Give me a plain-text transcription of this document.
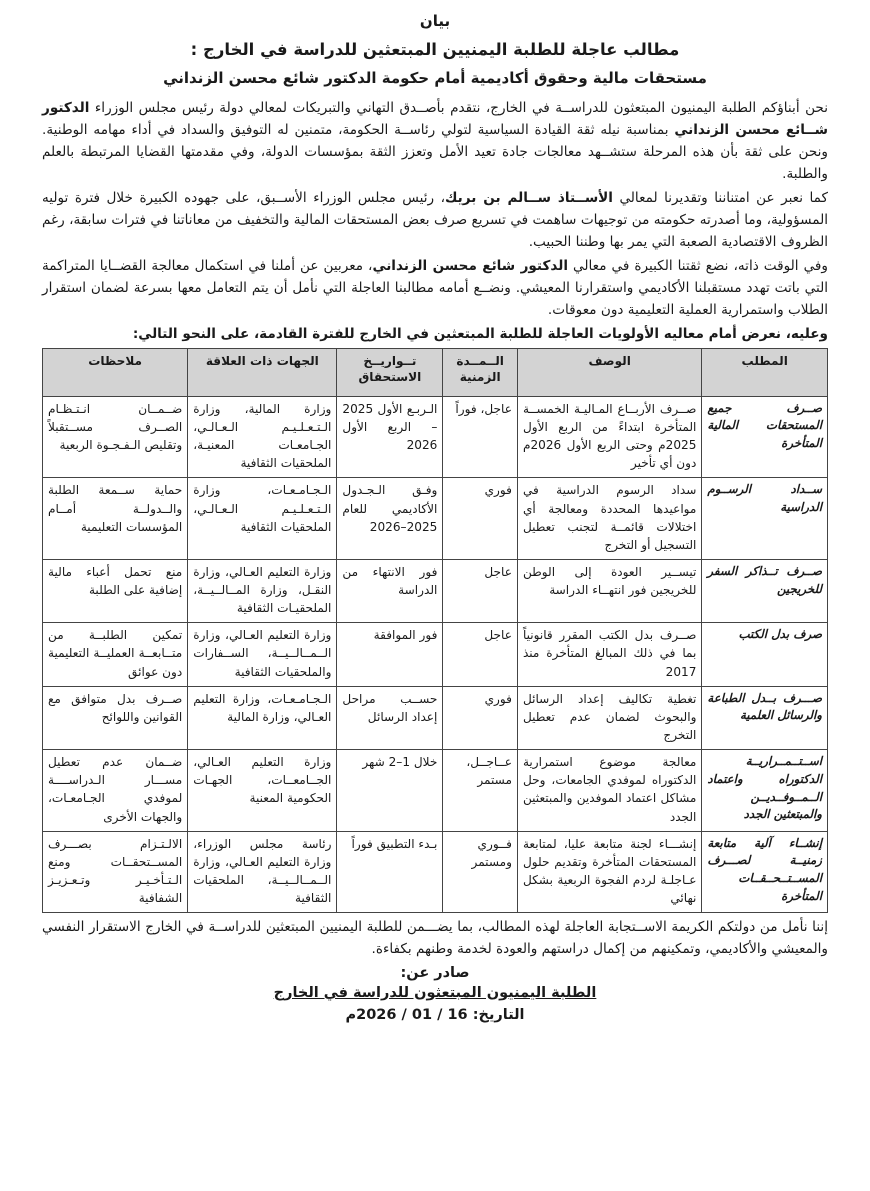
بيان
مطالب عاجلة للطلبة اليمنيين المبتعثين للدراسة في الخارج :
مستحقات مالية وحقوق أكاديمية أمام حكومة الدكتور شائع محسن الزنداني

نحن أبناؤكم الطلبة اليمنيون المبتعثون للدراســة في الخارج، نتقدم بأصــدق التهاني والتبريكات لمعالي دولة رئيس مجلس الوزراء الدكتور شــائع محسن الزنداني بمناسبة نيله ثقة القيادة السياسية لتولي رئاســة الحكومة، متمنين له التوفيق والسداد في أداء مهامه الوطنية. ونحن على ثقة بأن هذه المرحلة ستشــهد معالجات جادة تعيد الأمل وتعزز الثقة بمؤسسات الدولة، وفي مقدمتها القضايا المرتبطة بالعلم والطلبة.

كما نعبر عن امتناننا وتقديرنا لمعالي الأســتاذ ســالم بن بريك، رئيس مجلس الوزراء الأســبق، على جهوده الكبيرة خلال فترة توليه المسؤولية، وما أصدرته حكومته من توجيهات ساهمت في تسريع صرف بعض المستحقات المالية والتخفيف من معاناتنا في فترات سابقة، رغم الظروف الاقتصادية الصعبة التي يمر بها وطننا الحبيب.

وفي الوقت ذاته، نضع ثقتنا الكبيرة في معالي الدكتور شائع محسن الزنداني، معربين عن أملنا في استكمال معالجة القضــايا المتراكمة التي باتت تهدد مستقبلنا الأكاديمي واستقرارنا المعيشي. ونضــع أمامه مطالبنا العاجلة التي نأمل أن يتم التعامل معها بسرعة لضمان استقرار الطلاب واستمرارية العملية التعليمية دون معوقات.

وعليه، نعرض أمام معاليه الأولويات العاجلة للطلبة المبتعثين في الخارج للفترة القادمة، على النحو التالي:

المطلب	الوصف	الــمــدة الزمنية	تــواريــخ الاستحقاق	الجهات ذات العلاقة	ملاحظات
صــرف جميع المستحقات المالية المتأخرة	صــرف الأربــاع المـاليـة الخمســة المتأخرة ابتداءً من الربع الأول 2025م وحتى الربع الأول 2026م دون أي تأخير	عاجل، فوراً	الـربـع الأول 2025 – الربع الأول 2026	وزارة المالية، وزارة الـتـعـلـيـم الـعـالـي، الجـامعـات المعنيـة، الملحقيات الثقافية	ضــمــان انـتـظـام الصــرف مســتقبلاً وتقليص الـفـجـوة الربعية
ســداد الرســوم الدراسية	سداد الرسوم الدراسية في مواعيدها المحددة ومعالجة أي اختلالات قائمــة لتجنب تعطيل التسجيل أو التخرج	فوري	وفـق الـجـدول الأكاديمي للعام 2025–2026	الـجـامـعـات، وزارة الـتـعـلـيـم الـعـالـي، الملحقيات الثقافية	حماية ســمعة الطلبة والــدولــة أمــام المؤسسات التعليمية
صــرف تــذاكر السفر للخريجين	تيســير العودة إلى الوطن للخريجين فور انتهــاء الدراسة	عاجل	فور الانتهاء من الدراسة	وزارة التعليم العـالي، وزارة النقـل، وزارة المــالــيــة، الملحقيـات الثقافية	منع تحمل أعباء مالية إضافية على الطلبة
صرف بدل الكتب	صــرف بدل الكتب المقرر قانونياً بما في ذلك المبالغ المتأخرة منذ 2017	عاجل	فور الموافقة	وزارة التعليم العـالي، وزارة الــمــالــيــة، الســفارات والملحقيات الثقافية	تمكين الطلبــة من متــابعــة العمليــة التعليمية دون عوائق
صـــرف بــدل الطباعة والرسائل العلمية	تغطية تكاليف إعداد الرسائل والبحوث لضمان عدم تعطيل التخرج	فوري	حســب مراحل إعداد الرسائل	الـجـامـعـات، وزارة التعليم العـالي، وزارة المالية	صــرف بدل متوافق مع القوانين واللوائح
اســتــمــراريــة الدكتوراه واعتماد الــمــوفــديــن والمبتعثين الجدد	معالجة موضوع استمرارية الدكتوراه لموفدي الجامعات، وحل مشاكل اعتماد الموفدين والمبتعثين الجدد	عــاجــل، مستمر	خلال 1–2 شهر	وزارة التعليم العـالي، الجــامعــات، الجهـات الحكومية المعنية	ضــمان عدم تعطيل مســـار الـدراســــة لموفدي الجـامعـات، والجهات الأخرى
إنشــاء آلية متابعة زمنيــة لصـــرف المســتــحــقــات المتأخرة	إنشـــاء لجنة متابعة عليا، لمتابعة المستحقات المتأخرة وتقديم حلول عـاجلـة لردم الفجوة الربعية بشكل نهائي	فــوري ومستمر	بـدء التطبيق فوراً	رئاسة مجلس الوزراء، وزارة التعليم العـالي، وزارة الــمــالــيــة، الملحقيات الثقافية	الالـتـزام بصـــرف المســتحقــات ومنع الـتـأخـيـر وتـعـزيـز الشفافية

إننا نأمل من دولتكم الكريمة الاســتجابة العاجلة لهذه المطالب، بما يضـــمن للطلبة اليمنيين المبتعثين للدراســة في الخارج الاستقرار النفسي والمعيشي والأكاديمي، وتمكينهم من إكمال دراستهم والعودة لخدمة وطنهم بكفاءة.

صادر عن:
الطلبة اليمنيون المبتعثون للدراسة في الخارج
التاريخ: 16 / 01 / 2026م
